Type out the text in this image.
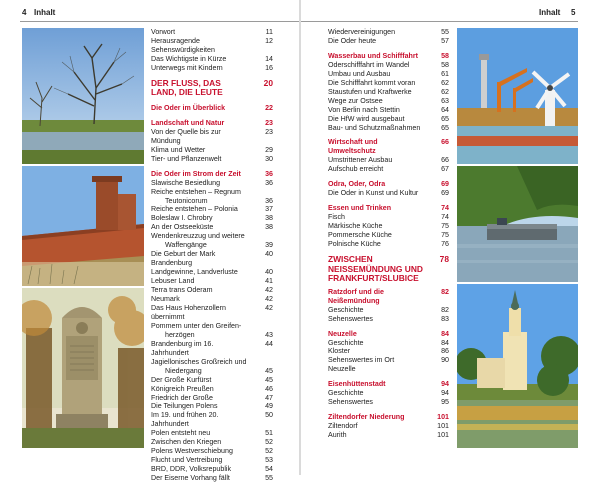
4 Inhalt	Inhalt 5
Vorwort	11
Herausragende Sehenswürdigkeiten
12
Das Wichtigste in Kürze	14
Unterwegs mit Kindern	16
DER FLUSS, DAS LAND, DIE LEUTE
20
Die Oder im Überblick	22
Landschaft und Natur	23
Von der Quelle bis zur Mündung
23
Klima und Wetter	29
Tier- und Pflanzenwelt	30
Die Oder im Strom der Zeit	36
Slawische Besiedlung	36
Reiche entstehen – Regnum
Teutonicorum	36
Reiche entstehen – Polonia	37
Boleslaw I. Chrobry	38
An der Ostseeküste	38
Wendenkreuzzug und weitere
Waffengänge	39
Die Geburt der Mark Brandenburg
40
Landgewinne, Landverluste	40
Lebuser Land	41
Terra trans Oderam	42
Neumark	42
Das Haus Hohenzollern übernimmt
42
Pommern unter den Greifen-
herzögen	43
Brandenburg im 16. Jahrhundert
44
Jagiellonisches Großreich und
Niedergang	45
Der Große Kurfürst	45
Königreich Preußen	46
Friedrich der Große	47
Die Teilungen Polens	49
Im 19. und frühen 20. Jahrhundert
50
Polen entsteht neu	51
Zwischen den Kriegen	52
Polens Westverschiebung	52
Flucht und Vertreibung	53
BRD, DDR, Volksrepublik	54
Der Eiserne Vorhang fällt	55
Wiedervereinigungen	55
Die Oder heute	57
Wasserbau und Schifffahrt	58
Oderschifffahrt im Wandel	58
Umbau und Ausbau	61
Die Schifffahrt kommt voran	62
Staustufen und Kraftwerke	62
Wege zur Ostsee	63
Von Berlin nach Stettin	64
Die HfW wird ausgebaut	65
Bau- und Schutzmaßnahmen	65
Wirtschaft und Umweltschutz
66
Umstrittener Ausbau	66
Aufschub erreicht	67
Odra, Oder, Odra	69
Die Oder in Kunst und Kultur	69
Essen und Trinken	74
Fisch	74
Märkische Küche	75
Pommersche Küche	75
Polnische Küche	76
ZWISCHEN NEISSEMÜNDUNG UND FRANKFURT/SLUBICE
78
Ratzdorf und die Neißemündung
82
Geschichte	82
Sehenswertes	83
Neuzelle	84
Geschichte	84
Kloster	86
Sehenswertes im Ort Neuzelle
90
Eisenhüttenstadt	94
Geschichte	94
Sehenswertes	95
Ziltendorfer Niederung	101
Ziltendorf	101
Aurith	101
